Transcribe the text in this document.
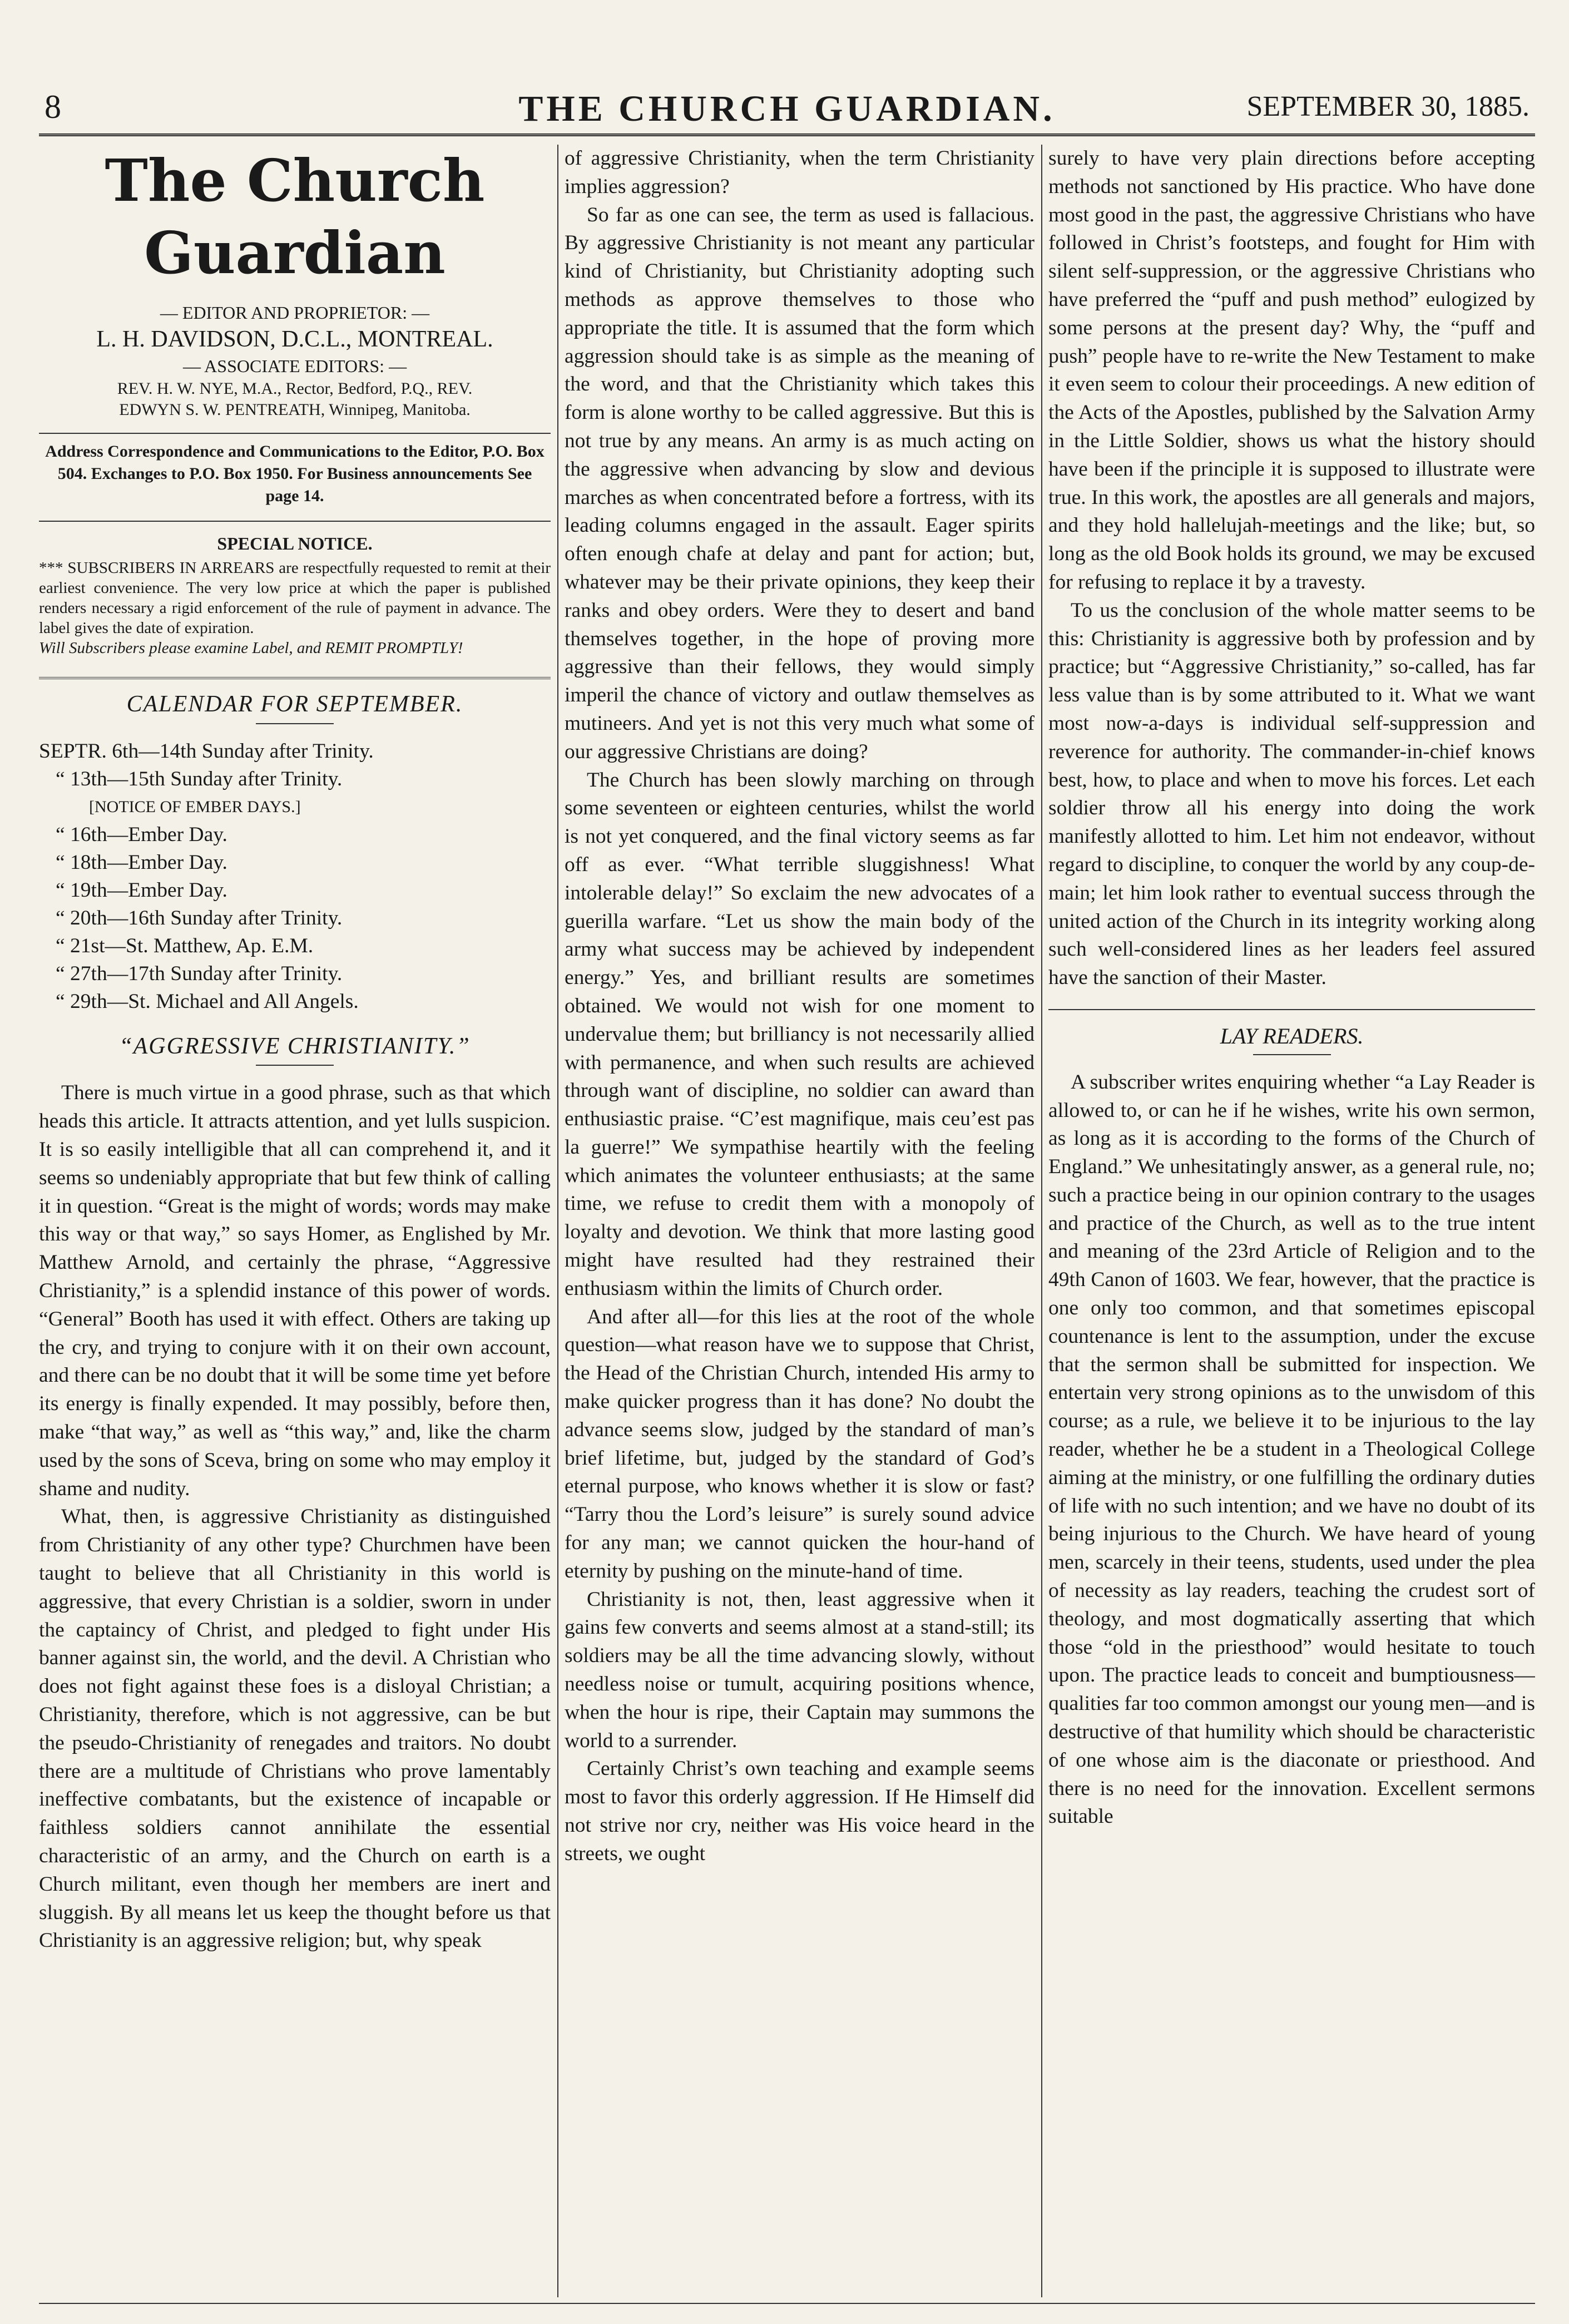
8	THE CHURCH GUARDIAN.	SEPTEMBER 30, 1885.
The Church Guardian
— EDITOR AND PROPRIETOR: —
L. H. DAVIDSON, D.C.L., MONTREAL.
— ASSOCIATE EDITORS: —
REV. H. W. NYE, M.A., Rector, Bedford, P.Q., REV.
EDWYN S. W. PENTREATH, Winnipeg, Manitoba.
Address Correspondence and Communications to the Editor, P.O. Box 504. Exchanges to P.O. Box 1950. For Business announcements See page 14.
SPECIAL NOTICE.
*** SUBSCRIBERS IN ARREARS are respectfully requested to remit at their earliest convenience. The very low price at which the paper is published renders necessary a rigid enforcement of the rule of payment in advance. The label gives the date of expiration.
Will Subscribers please examine Label, and REMIT PROMPTLY!
CALENDAR FOR SEPTEMBER.
SEPTR. 6th—14th Sunday after Trinity.
“ 13th—15th Sunday after Trinity.
[NOTICE OF EMBER DAYS.]
“ 16th—Ember Day.
“ 18th—Ember Day.
“ 19th—Ember Day.
“ 20th—16th Sunday after Trinity.
“ 21st—St. Matthew, Ap. E.M.
“ 27th—17th Sunday after Trinity.
“ 29th—St. Michael and All Angels.
“AGGRESSIVE CHRISTIANITY.”

There is much virtue in a good phrase, such as that which heads this article. It attracts attention, and yet lulls suspicion. It is so easily intelligible that all can comprehend it, and it seems so undeniably appropriate that but few think of calling it in question. “Great is the might of words; words may make this way or that way,” so says Homer, as Englished by Mr. Matthew Arnold, and certainly the phrase, “Aggressive Christianity,” is a splendid instance of this power of words. “General” Booth has used it with effect. Others are taking up the cry, and trying to conjure with it on their own account, and there can be no doubt that it will be some time yet before its energy is finally expended. It may possibly, before then, make “that way,” as well as “this way,” and, like the charm used by the sons of Sceva, bring on some who may employ it shame and nudity.

What, then, is aggressive Christianity as distinguished from Christianity of any other type? Churchmen have been taught to believe that all Christianity in this world is aggressive, that every Christian is a soldier, sworn in under the captaincy of Christ, and pledged to fight under His banner against sin, the world, and the devil. A Christian who does not fight against these foes is a disloyal Christian; a Christianity, therefore, which is not aggressive, can be but the pseudo-Christianity of renegades and traitors. No doubt there are a multitude of Christians who prove lamentably ineffective combatants, but the existence of incapable or faithless soldiers cannot annihilate the essential characteristic of an army, and the Church on earth is a Church militant, even though her members are inert and sluggish. By all means let us keep the thought before us that Christianity is an aggressive religion; but, why speak

of aggressive Christianity, when the term Christianity implies aggression?

So far as one can see, the term as used is fallacious. By aggressive Christianity is not meant any particular kind of Christianity, but Christianity adopting such methods as approve themselves to those who appropriate the title. It is assumed that the form which aggression should take is as simple as the meaning of the word, and that the Christianity which takes this form is alone worthy to be called aggressive. But this is not true by any means. An army is as much acting on the aggressive when advancing by slow and devious marches as when concentrated before a fortress, with its leading columns engaged in the assault. Eager spirits often enough chafe at delay and pant for action; but, whatever may be their private opinions, they keep their ranks and obey orders. Were they to desert and band themselves together, in the hope of proving more aggressive than their fellows, they would simply imperil the chance of victory and outlaw themselves as mutineers. And yet is not this very much what some of our aggressive Christians are doing?

The Church has been slowly marching on through some seventeen or eighteen centuries, whilst the world is not yet conquered, and the final victory seems as far off as ever. “What terrible sluggishness! What intolerable delay!” So exclaim the new advocates of a guerilla warfare. “Let us show the main body of the army what success may be achieved by independent energy.” Yes, and brilliant results are sometimes obtained. We would not wish for one moment to undervalue them; but brilliancy is not necessarily allied with permanence, and when such results are achieved through want of discipline, no soldier can award than enthusiastic praise. “C’est magnifique, mais ceu’est pas la guerre!” We sympathise heartily with the feeling which animates the volunteer enthusiasts; at the same time, we refuse to credit them with a monopoly of loyalty and devotion. We think that more lasting good might have resulted had they restrained their enthusiasm within the limits of Church order.

And after all—for this lies at the root of the whole question—what reason have we to suppose that Christ, the Head of the Christian Church, intended His army to make quicker progress than it has done? No doubt the advance seems slow, judged by the standard of man’s brief lifetime, but, judged by the standard of God’s eternal purpose, who knows whether it is slow or fast? “Tarry thou the Lord’s leisure” is surely sound advice for any man; we cannot quicken the hour-hand of eternity by pushing on the minute-hand of time.

Christianity is not, then, least aggressive when it gains few converts and seems almost at a stand-still; its soldiers may be all the time advancing slowly, without needless noise or tumult, acquiring positions whence, when the hour is ripe, their Captain may summons the world to a surrender.

Certainly Christ’s own teaching and example seems most to favor this orderly aggression. If He Himself did not strive nor cry, neither was His voice heard in the streets, we ought

surely to have very plain directions before accepting methods not sanctioned by His practice. Who have done most good in the past, the aggressive Christians who have followed in Christ’s footsteps, and fought for Him with silent self-suppression, or the aggressive Christians who have preferred the “puff and push method” eulogized by some persons at the present day? Why, the “puff and push” people have to re-write the New Testament to make it even seem to colour their proceedings. A new edition of the Acts of the Apostles, published by the Salvation Army in the Little Soldier, shows us what the history should have been if the principle it is supposed to illustrate were true. In this work, the apostles are all generals and majors, and they hold hallelujah-meetings and the like; but, so long as the old Book holds its ground, we may be excused for refusing to replace it by a travesty.

To us the conclusion of the whole matter seems to be this: Christianity is aggressive both by profession and by practice; but “Aggressive Christianity,” so-called, has far less value than is by some attributed to it. What we want most now-a-days is individual self-suppression and reverence for authority. The commander-in-chief knows best, how, to place and when to move his forces. Let each soldier throw all his energy into doing the work manifestly allotted to him. Let him not endeavor, without regard to discipline, to conquer the world by any coup-de-main; let him look rather to eventual success through the united action of the Church in its integrity working along such well-considered lines as her leaders feel assured have the sanction of their Master.

LAY READERS.

A subscriber writes enquiring whether “a Lay Reader is allowed to, or can he if he wishes, write his own sermon, as long as it is according to the forms of the Church of England.” We unhesitatingly answer, as a general rule, no; such a practice being in our opinion contrary to the usages and practice of the Church, as well as to the true intent and meaning of the 23rd Article of Religion and to the 49th Canon of 1603. We fear, however, that the practice is one only too common, and that sometimes episcopal countenance is lent to the assumption, under the excuse that the sermon shall be submitted for inspection. We entertain very strong opinions as to the unwisdom of this course; as a rule, we believe it to be injurious to the lay reader, whether he be a student in a Theological College aiming at the ministry, or one fulfilling the ordinary duties of life with no such intention; and we have no doubt of its being injurious to the Church. We have heard of young men, scarcely in their teens, students, used under the plea of necessity as lay readers, teaching the crudest sort of theology, and most dogmatically asserting that which those “old in the priesthood” would hesitate to touch upon. The practice leads to conceit and bumptiousness—qualities far too common amongst our young men—and is destructive of that humility which should be characteristic of one whose aim is the diaconate or priesthood. And there is no need for the innovation. Excellent sermons suitable
